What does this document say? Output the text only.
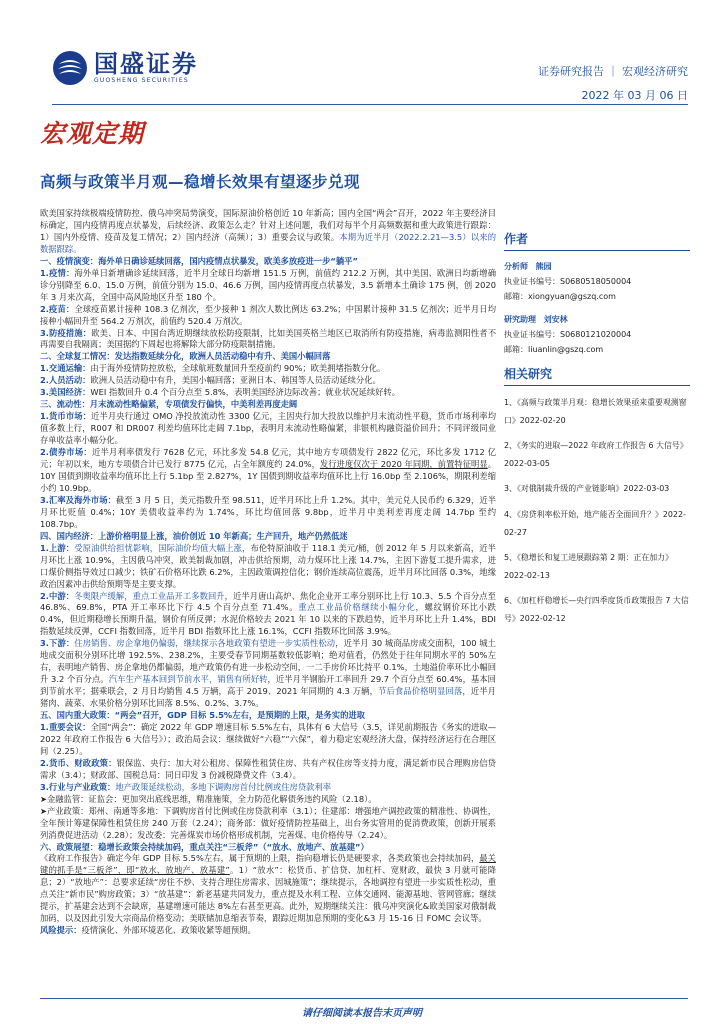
国盛证券
GUOSHENG SECURITIES
证券研究报告 ｜ 宏观经济研究
2022 年 03 月 06 日
宏观定期
高频与政策半月观—稳增长效果有望逐步兑现

欧美国家持续极端疫情防控、俄乌冲突局势演变，国际原油价格创近 10 年新高；国内全国“两会”召开，2022 年主要经济目标确定，国内疫情再度点状暴发，后续经济、政策怎么走？针对上述问题，我们对每半个月高频数据和重大政策进行跟踪：1）国内外疫情、疫苗及复工情况；2）国内经济（高频）；3）重要会议与政策。本期为近半月（2022.2.21—3.5）以来的数据跟踪。

一、疫情演变：海外单日确诊延续回落，国内疫情点状暴发，欧美多放疫进一步“躺平”

1.疫情：海外单日新增确诊延续回落，近半月全球日均新增 151.5 万例，前值约 212.2 万例，其中美国、欧洲日均新增确诊分别降至 6.0、15.0 万例，前值分别为 15.0、46.6 万例，国内疫情再度点状暴发，3.5 新增本土确诊 175 例，创 2020 年 3 月来次高，全国中高风险地区升至 180 个。

2.疫苗：全球疫苗累计接种 108.3 亿剂次，至少接种 1 剂次人数比例达 63.2%；中国累计接种 31.5 亿剂次；近半月日均接种小幅回升至 564.2 万剂次，前值约 520.4 万剂次。

3.防疫措施：欧美、日本、中国台湾近期继续放松防疫限制，比如美国英格兰地区已取消所有防疫措施，病毒监测阳性者不再需要自我隔离；美国据约下周起也将解除大部分防疫限制措施。

二、全球复工情况：发达指数延续分化，欧洲人员活动稳中有升、美国小幅回落

1.交通运输：由于海外疫情防控放松，全球航班数量回升至疫前约 90%；欧美拥堵指数分化。

2.人员活动：欧洲人员活动稳中有升，美国小幅回落；亚洲日本、韩国等人员活动延续分化。

3.美国经济：WEI 指数回升 0.4 个百分点至 5.8%，表明美国经济边际改善；就业状况延续好转。

三、流动性：月末流动性略偏紧，专项债发行偏快，中美利差再度走阔

1.货币市场：近半月央行通过 OMO 净投放流动性 3300 亿元，主因央行加大投放以维护月末流动性平稳，货币市场利率均值多数上行，R007 和 DR007 利差均值环比走阔 7.1bp，表明月末流动性略偏紧，非银机构融资溢价回升；不同评级同业存单收益率小幅分化。

2.债券市场：近半月利率债发行 7628 亿元，环比多发 54.8 亿元，其中地方专项债发行 2822 亿元，环比多发 1712 亿元；年初以来，地方专项债合计已发行 8775 亿元，占全年额度约 24.0%，发行进度仅次于 2020 年同期，前置特征明显。10Y 国债到期收益率均值环比上行 5.1bp 至 2.827%，1Y 国债到期收益率均值环比上行 16.0bp 至 2.106%，期限利差缩小约 10.9bp。

3.汇率及海外市场：截至 3 月 5 日，美元指数升至 98.511，近半月环比上升 1.2%。其中，美元兑人民币约 6.329，近半月环比贬值 0.4%；10Y 美债收益率约为 1.74%，环比均值回落 9.8bp，近半月中美利差再度走阔 14.7bp 至约 108.7bp。

四、国内经济：上游价格明显上涨，油价创近 10 年新高；生产回升，地产仍然低迷

1.上游：受原油供给担忧影响，国际油价均值大幅上涨，布伦特原油收于 118.1 美元/桶，创 2012 年 5 月以来新高，近半月环比上涨 10.9%，主因俄乌冲突，欧美制裁加剧，冲击供给预期，动力煤环比上涨 14.7%，主因下游复工提升需求，进口煤价侧指导效过口减少；铁矿石价格环比跌 6.2%，主因政策调控信化；钢价连续高位震荡，近半月环比回落 0.3%，地缘政治因素冲击供给预期等是主要支撑。

2.中游：冬奥限产缓解，重点工业品开工多数回升，近半月唐山高炉、焦化企业开工率分别环比上行 10.3、5.5 个百分点至 46.8%、69.8%，PTA 开工率环比下行 4.5 个百分点至 71.4%。重点工业品价格继续小幅分化，螺纹钢价环比小跌 0.4%，但近期稳增长预期升温，钢价有所反弹；水泥价格较去 2021 年 10 以来的下跌趋势，近半月环比上升 1.4%，BDI 指数延续反弹，CCFI 指数回落，近半月 BDI 指数环比上涨 16.1%，CCFI 指数环比回落 3.9%。

3.下游：住房销售、房企拿地仍偏弱，继续探示各地政策有望进一步实质性松动，近半月 30 城商品房成交面积，100 城土地成交面积分别环比增 192.5%、238.2%，主要受春节同期基数较低影响；绝对值看，仍然处于往年同期水平的 50%左右，表明地产销售、房企拿地仍都偏弱，地产政策仍有进一步松动空间，一二手房价环比持平 0.1%，土地溢价率环比小幅回升 3.2 个百分点。汽车生产基本回到节前水平，销售有所好转，近半月半钢胎开工率回升 29.7 个百分点至 60.4%，基本回到节前水平；据乘联会，2 月日均销售 4.5 万辆，高于 2019、2021 年同期的 4.3 万辆，节后食品价格明显回落，近半月猪肉、蔬菜、水果价格分别环比回落 8.5%、0.2%、3.7%。

五、国内重大政策：“两会”召开，GDP 目标 5.5%左右，是预期的上限，是务实的进取

1.重要会议：全国“两会”：确定 2022 年 GDP 增速目标 5.5%左右，具体有 6 大信号（3.5，详见前期报告《务实的进取—2022 年政府工作报告 6 大信号》）；政治局会议：继续做好“六稳”“六保”，着力稳定宏观经济大盘，保持经济运行在合理区间（2.25）。

2.货币、财政政策：银保监、央行：加大对公租房、保障性租赁住房、共有产权住房等支持力度，满足新市民合理购房信贷需求（3.4）；财政部、国税总局：同日印发 3 份减税降费文件（3.4）。

3.行业与产业政策：地产政策延续松动，多地下调购房首付比例或住房贷款利率

➤金融监管：证监会：更加突出底线思维，精准施策，全力防范化解债务违约风险（2.18）。

➤产业政策：郑州、南通等多地：下调购房首付比例或住房贷款利率（3.1）；住建部：增强地产调控政策的精准性、协调性，全年预计筹建保障性租赁住房 240 万套（2.24）；商务部：做好疫情防控基础上，出台务实管用的促消费政策，创新开展系列消费促进活动（2.28）；发改委：完善煤炭市场价格形成机制，完善煤、电价格传导（2.24）。

六、政策展望：稳增长政策会持续加码，重点关注“三板斧”（“放水、放地产、放基建”）

《政府工作报告》确定今年 GDP 目标 5.5%左右，属于预期的上限，指向稳增长仍是硬要求，各类政策也会持续加码，最关键的抓手是“三板斧”，即“放水、放地产、放基建”。1）“放水”：松货币、扩信贷、加杠杆、宽财政，最快 3 月就可能降息；2）“放地产”：总要求延续“房住不炒、支持合理住房需求、因城施策”；继续提示，各地调控有望进一步实质性松动，重点关注“新市民”购房政策；3）“放基建”：新老基建共同发力，重点提及水利工程、立体交通网、能源基地、管网管廊；继续提示，扩基建会达到不会缺席，基建增速可能达 8%左右甚至更高。此外，短期继续关注：俄乌冲突演化&欧美国家对俄制裁加码，以及因此引发大宗商品价格变动；美联储加息缩表节奏，跟踪近期加息预期的变化&3 月 15-16 日 FOMC 会议等。

风险提示：疫情演化、外部环境恶化、政策收紧等超预期。

作者
分析师 熊园
执业证书编号：S0680518050004
邮箱：xiongyuan@gszq.com
研究助理 刘安林
执业证书编号：S0680121020004
邮箱：liuanlin@gszq.com
相关研究
1、《高频与政策半月观：稳增长效果亟来重要观测窗口》2022-02-20
2、《务实的进取—2022 年政府工作报告 6 大信号》2022-03-05
3、《对俄制裁升级的产业链影响》2022-03-03
4、《房贷利率松开始，地产能否全面回升？》2022-02-27
5、《稳增长和复工进展跟踪第 2 期：正在加力》2022-02-13
6、《加杠杆稳增长—央行四季度货币政策报告 7 大信号》2022-02-12
请仔细阅读本报告末页声明
